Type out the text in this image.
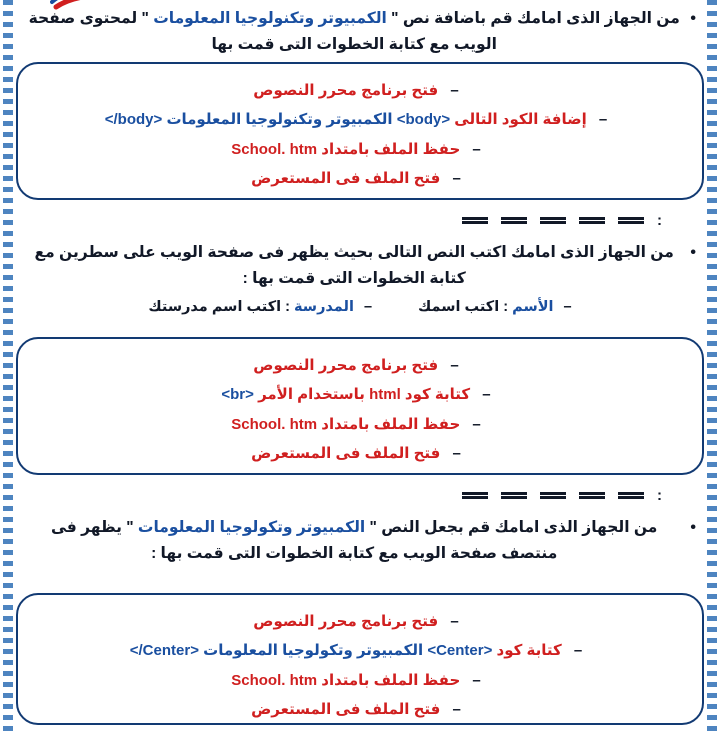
•
من الجهاز الذى امامك قم باضافة نص " الكمبيوتر وتكنولوجيا المعلومات " لمحتوى صفحة الويب مع كتابة الخطوات التى قمت بها
– فتح برنامج محرر النصوص
– إضافة الكود التالى <body> الكمبيوتر وتكنولوجيا المعلومات </body>
– حفظ الملف بامتداد School. htm
– فتح الملف فى المستعرض
:
•
من الجهاز الذى امامك اكتب النص التالى بحيث يظهر فى صفحة الويب على سطرين مع كتابة الخطوات التى قمت بها :
– الأسم : اكتب اسمك
– المدرسة : اكتب اسم مدرستك
– فتح برنامج محرر النصوص
– كتابة كود html باستخدام الأمر <br>
– حفظ الملف بامتداد School. htm
– فتح الملف فى المستعرض
:
•
من الجهاز الذى امامك قم بجعل النص " الكمبيوتر وتكولوجيا المعلومات " يظهر فى منتصف صفحة الويب مع كتابة الخطوات التى قمت بها :
– فتح برنامج محرر النصوص
– كتابة كود <Center> الكمبيوتر وتكولوجيا المعلومات </Center>
– حفظ الملف بامتداد School. htm
– فتح الملف فى المستعرض
